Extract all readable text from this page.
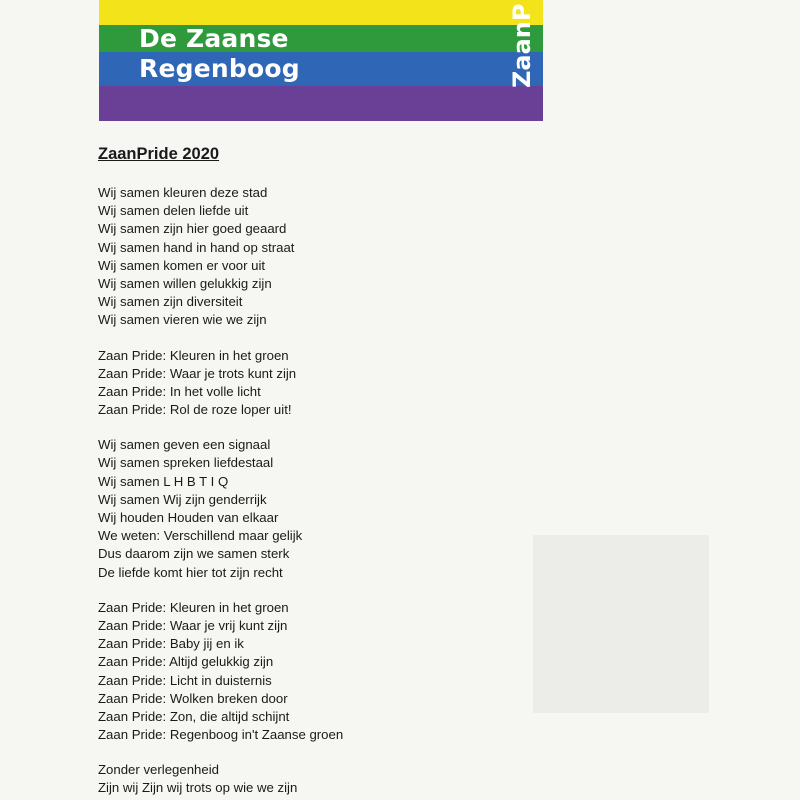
De Zaanse
Regenboog	ZaanP
ZaanPride 2020
Wij samen kleuren deze stad
Wij samen delen liefde uit
Wij samen zijn hier goed geaard
Wij samen hand in hand op straat
Wij samen komen er voor uit
Wij samen willen gelukkig zijn
Wij samen zijn diversiteit
Wij samen vieren wie we zijn
Zaan Pride: Kleuren in het groen
Zaan Pride: Waar je trots kunt zijn
Zaan Pride: In het volle licht
Zaan Pride: Rol de roze loper uit!
Wij samen geven een signaal
Wij samen spreken liefdestaal
Wij samen L H B T I Q
Wij samen Wij zijn genderrijk
Wij houden Houden van elkaar
We weten: Verschillend maar gelijk
Dus daarom zijn we samen sterk
De liefde komt hier tot zijn recht
Zaan Pride: Kleuren in het groen
Zaan Pride: Waar je vrij kunt zijn
Zaan Pride: Baby jij en ik
Zaan Pride: Altijd gelukkig zijn
Zaan Pride: Licht in duisternis
Zaan Pride: Wolken breken door
Zaan Pride: Zon, die altijd schijnt
Zaan Pride: Regenboog in't Zaanse groen
Zonder verlegenheid
Zijn wij Zijn wij trots op wie we zijn
